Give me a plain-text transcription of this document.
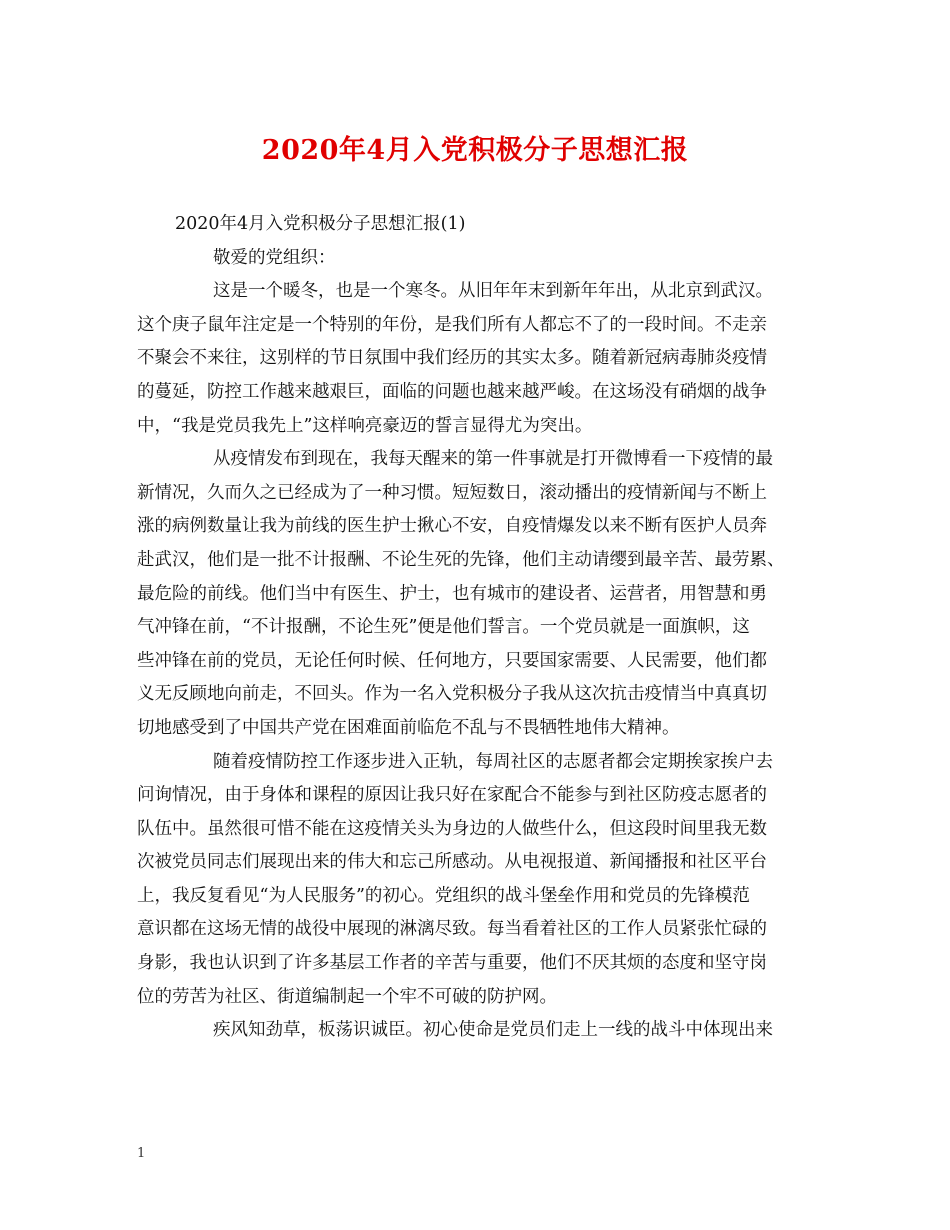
2020年4月入党积极分子思想汇报
2020年4月入党积极分子思想汇报(1)
敬爱的党组织：
这是一个暖冬，也是一个寒冬。从旧年年末到新年年出，从北京到武汉。
这个庚子鼠年注定是一个特别的年份，是我们所有人都忘不了的一段时间。不走亲
不聚会不来往，这别样的节日氛围中我们经历的其实太多。随着新冠病毒肺炎疫情
的蔓延，防控工作越来越艰巨，面临的问题也越来越严峻。在这场没有硝烟的战争
中，“我是党员我先上”这样响亮豪迈的誓言显得尤为突出。
从疫情发布到现在，我每天醒来的第一件事就是打开微博看一下疫情的最
新情况，久而久之已经成为了一种习惯。短短数日，滚动播出的疫情新闻与不断上
涨的病例数量让我为前线的医生护士揪心不安，自疫情爆发以来不断有医护人员奔
赴武汉，他们是一批不计报酬、不论生死的先锋，他们主动请缨到最辛苦、最劳累、
最危险的前线。他们当中有医生、护士，也有城市的建设者、运营者，用智慧和勇
气冲锋在前，“不计报酬，不论生死”便是他们誓言。一个党员就是一面旗帜，这
些冲锋在前的党员，无论任何时候、任何地方，只要国家需要、人民需要，他们都
义无反顾地向前走，不回头。作为一名入党积极分子我从这次抗击疫情当中真真切
切地感受到了中国共产党在困难面前临危不乱与不畏牺牲地伟大精神。
随着疫情防控工作逐步进入正轨，每周社区的志愿者都会定期挨家挨户去
问询情况，由于身体和课程的原因让我只好在家配合不能参与到社区防疫志愿者的
队伍中。虽然很可惜不能在这疫情关头为身边的人做些什么，但这段时间里我无数
次被党员同志们展现出来的伟大和忘己所感动。从电视报道、新闻播报和社区平台
上，我反复看见“为人民服务”的初心。党组织的战斗堡垒作用和党员的先锋模范
意识都在这场无情的战役中展现的淋漓尽致。每当看着社区的工作人员紧张忙碌的
身影，我也认识到了许多基层工作者的辛苦与重要，他们不厌其烦的态度和坚守岗
位的劳苦为社区、街道编制起一个牢不可破的防护网。
疾风知劲草，板荡识诚臣。初心使命是党员们走上一线的战斗中体现出来
1
